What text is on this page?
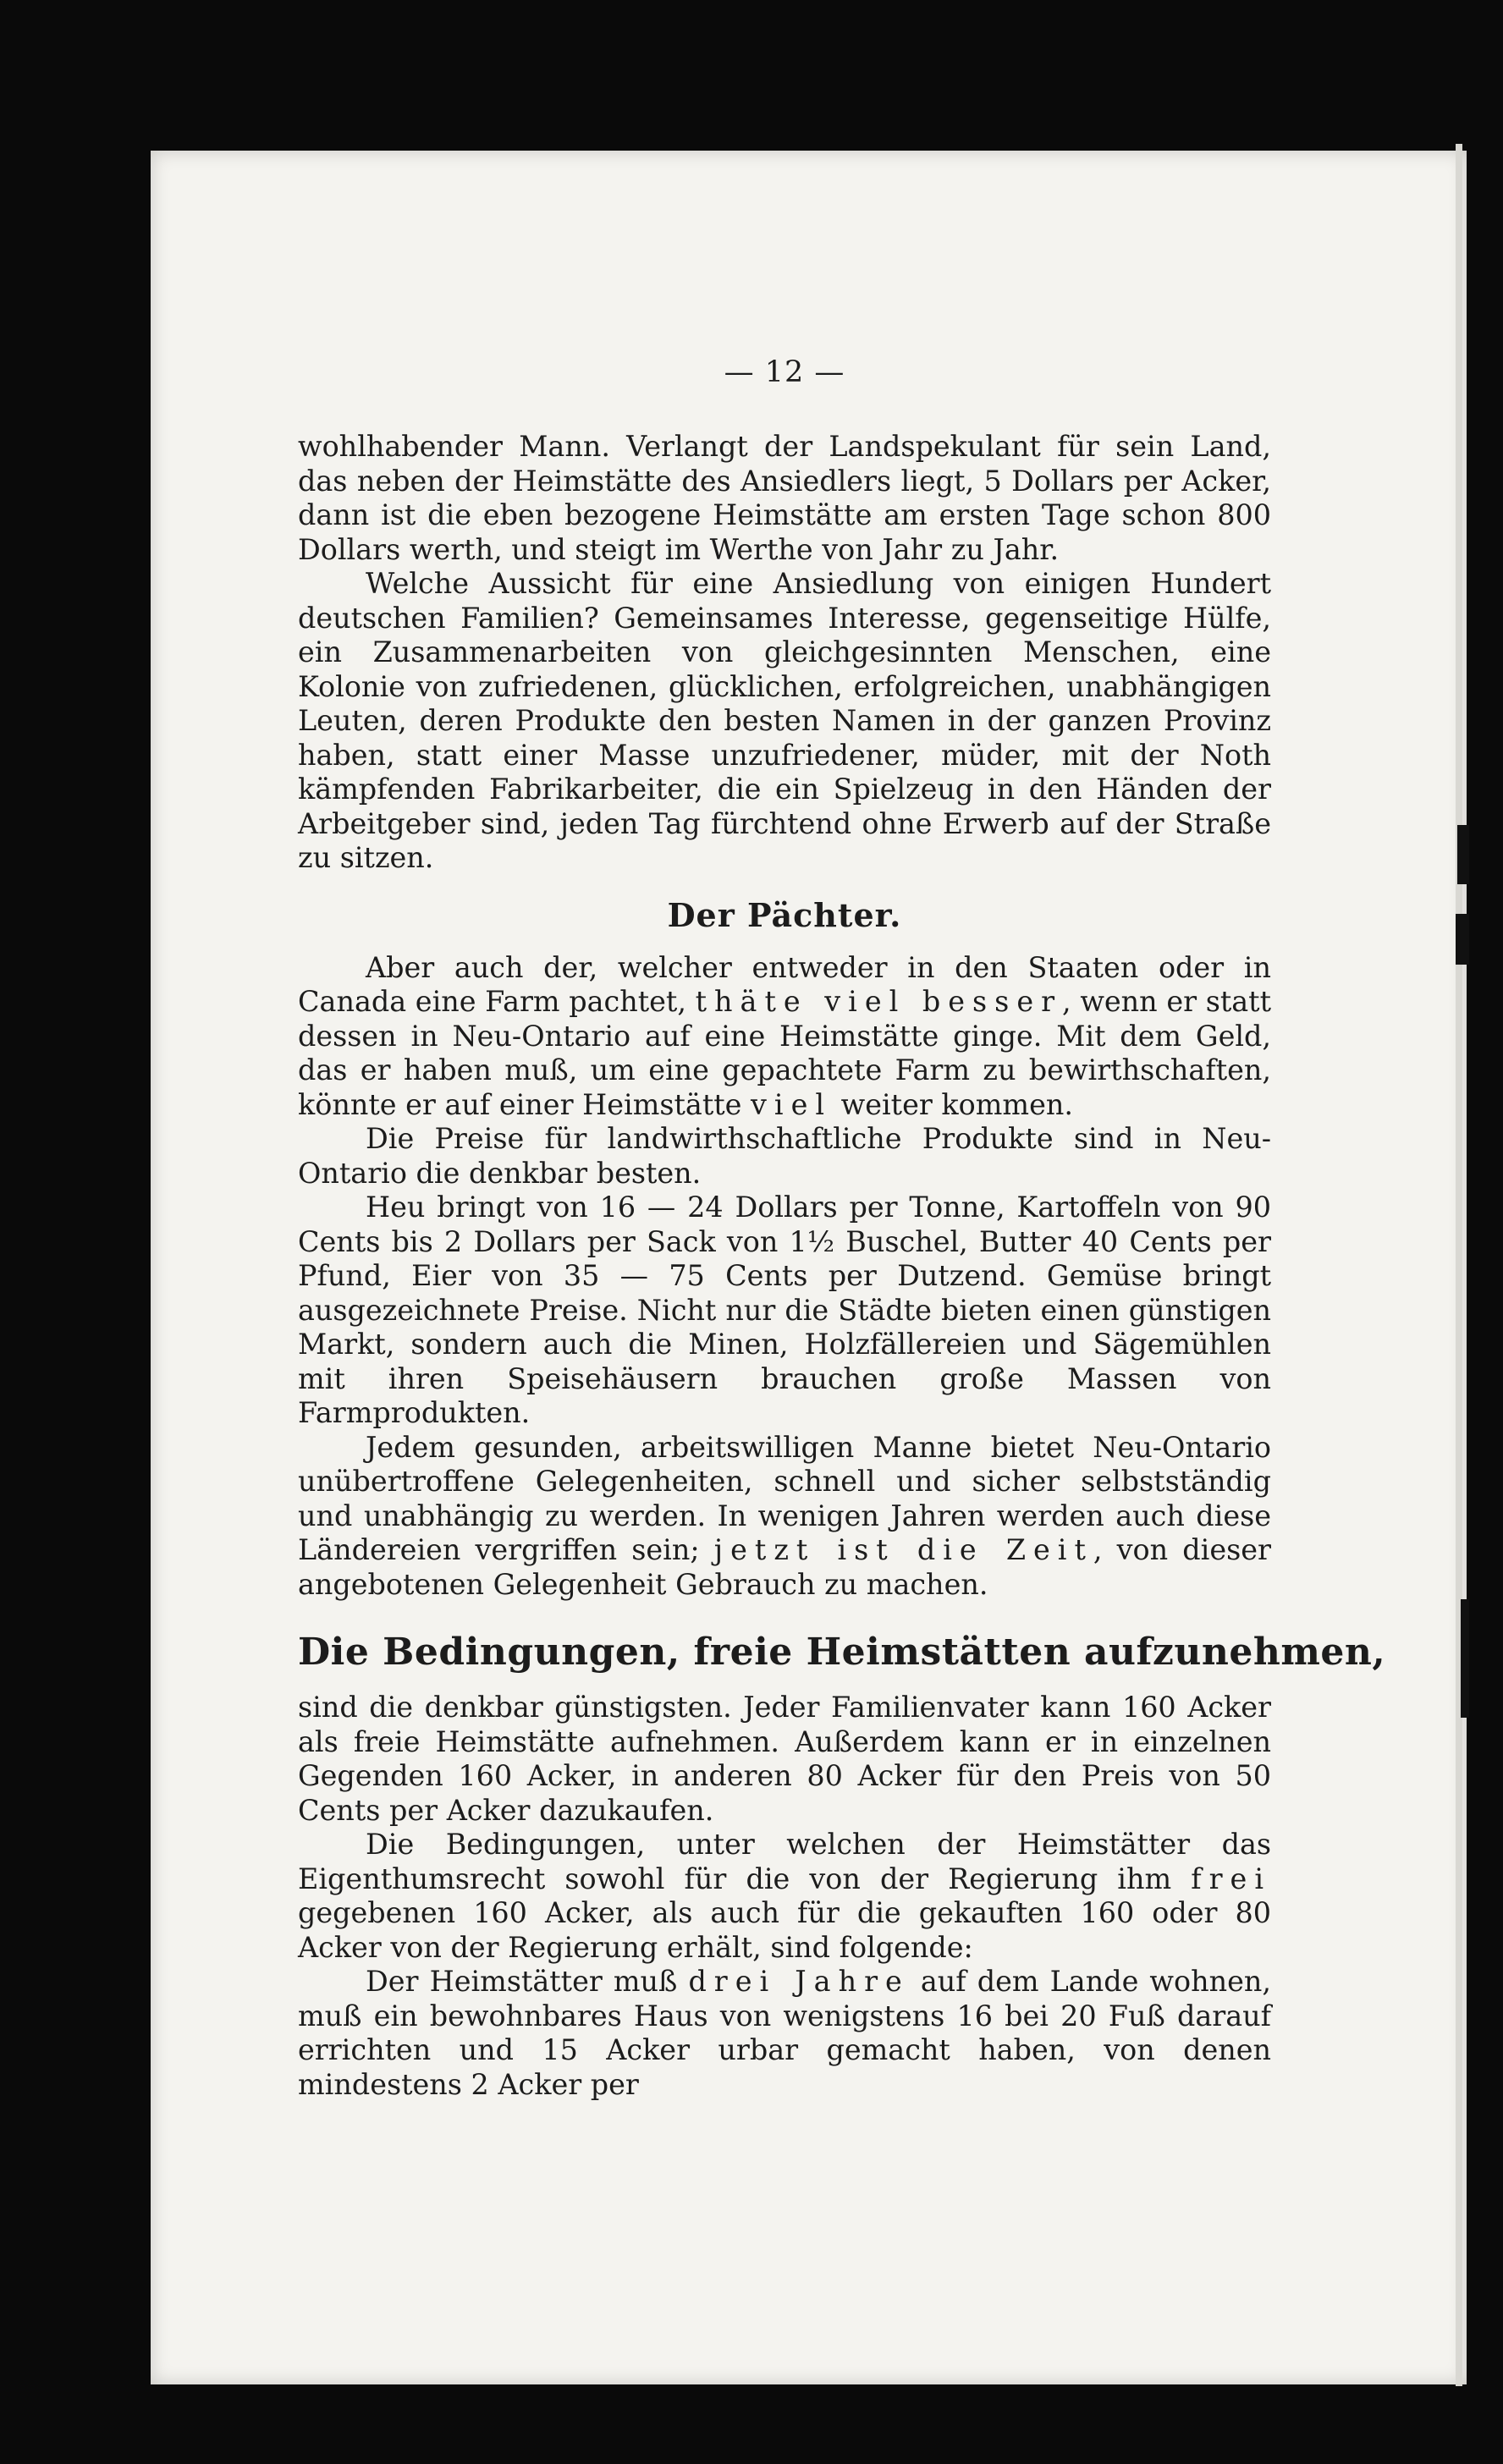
— 12 —

wohlhabender Mann. Verlangt der Landspekulant für sein Land, das neben der Heimstätte des Ansiedlers liegt, 5 Dollars per Acker, dann ist die eben bezogene Heimstätte am ersten Tage schon 800 Dollars werth, und steigt im Werthe von Jahr zu Jahr.

Welche Aussicht für eine Ansiedlung von einigen Hundert deutschen Familien? Gemeinsames Interesse, gegenseitige Hülfe, ein Zusammenarbeiten von gleichgesinnten Menschen, eine Kolonie von zufriedenen, glücklichen, erfolgreichen, unabhängigen Leuten, deren Produkte den besten Namen in der ganzen Provinz haben, statt einer Masse unzufriedener, müder, mit der Noth kämpfenden Fabrikarbeiter, die ein Spielzeug in den Händen der Arbeitgeber sind, jeden Tag fürchtend ohne Erwerb auf der Straße zu sitzen.

Der Pächter.

Aber auch der, welcher entweder in den Staaten oder in Canada eine Farm pachtet, thäte viel besser, wenn er statt dessen in Neu-Ontario auf eine Heimstätte ginge. Mit dem Geld, das er haben muß, um eine gepachtete Farm zu bewirthschaften, könnte er auf einer Heimstätte viel weiter kommen.

Die Preise für landwirthschaftliche Produkte sind in Neu-Ontario die denkbar besten.

Heu bringt von 16 — 24 Dollars per Tonne, Kartoffeln von 90 Cents bis 2 Dollars per Sack von 1½ Buschel, Butter 40 Cents per Pfund, Eier von 35 — 75 Cents per Dutzend. Gemüse bringt ausgezeichnete Preise. Nicht nur die Städte bieten einen günstigen Markt, sondern auch die Minen, Holzfällereien und Sägemühlen mit ihren Speisehäusern brauchen große Massen von Farmprodukten.

Jedem gesunden, arbeitswilligen Manne bietet Neu-Ontario unübertroffene Gelegenheiten, schnell und sicher selbstständig und unabhängig zu werden. In wenigen Jahren werden auch diese Ländereien vergriffen sein; jetzt ist die Zeit, von dieser angebotenen Gelegenheit Gebrauch zu machen.

Die Bedingungen, freie Heimstätten aufzunehmen,

sind die denkbar günstigsten. Jeder Familienvater kann 160 Acker als freie Heimstätte aufnehmen. Außerdem kann er in einzelnen Gegenden 160 Acker, in anderen 80 Acker für den Preis von 50 Cents per Acker dazukaufen.

Die Bedingungen, unter welchen der Heimstätter das Eigenthumsrecht sowohl für die von der Regierung ihm frei gegebenen 160 Acker, als auch für die gekauften 160 oder 80 Acker von der Regierung erhält, sind folgende:

Der Heimstätter muß drei Jahre auf dem Lande wohnen, muß ein bewohnbares Haus von wenigstens 16 bei 20 Fuß darauf errichten und 15 Acker urbar gemacht haben, von denen mindestens 2 Acker per
